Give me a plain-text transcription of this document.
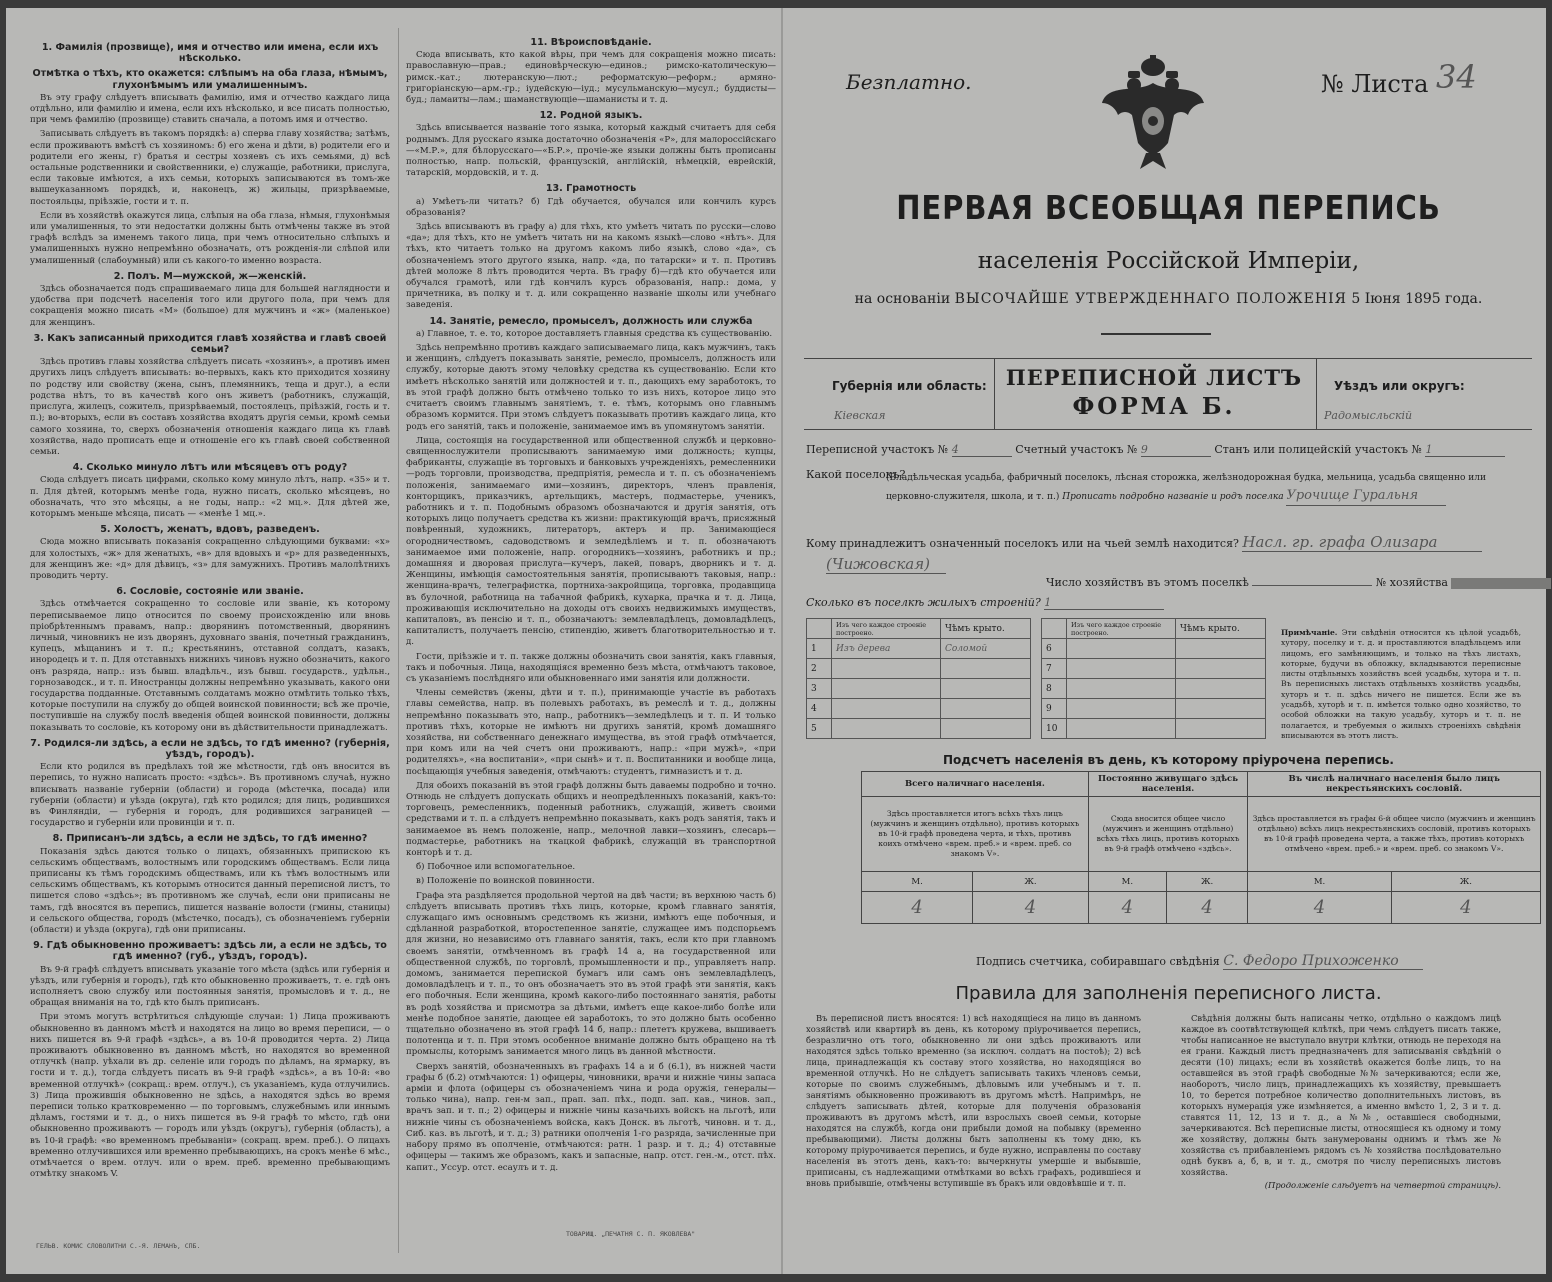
1. Фамилія (прозвище), имя и отчество или имена, если ихъ нѣсколько.
Отмѣтка о тѣхъ, кто окажется: слѣпымъ на оба глаза, нѣмымъ, глухонѣмымъ или умалишеннымъ.

Въ эту графу слѣдуетъ вписывать фамилію, имя и отчество каждаго лица отдѣльно, или фамилію и имена, если ихъ нѣсколько, и все писать полностью, при чемъ фамилію (прозвище) ставить сначала, а потомъ имя и отчество.

Записывать слѣдуетъ въ такомъ порядкѣ: а) сперва главу хозяйства; затѣмъ, если проживаютъ вмѣстѣ съ хозяиномъ: б) его жена и дѣти, в) родители его и родители его жены, г) братья и сестры хозяевъ съ ихъ семьями, д) всѣ остальные родственники и свойственники, е) служащіе, работники, прислуга, если таковые имѣются, а ихъ семьи, которыхъ записываются въ томъ-же вышеуказанномъ порядкѣ, и, наконецъ, ж) жильцы, призрѣваемые, постояльцы, пріѣзжіе, гости и т. п.

Если въ хозяйствѣ окажутся лица, слѣпыя на оба глаза, нѣмыя, глухонѣмыя или умалишенныя, то эти недостатки должны быть отмѣчены также въ этой графѣ вслѣдъ за именемъ такого лица, при чемъ относительно слѣпыхъ и умалишенныхъ нужно непремѣнно обозначать, отъ рожденія-ли слѣпой или умалишенный (слабоумный) или съ какого-то именно возраста.

2. Полъ. М—мужской, ж—женскій.

Здѣсь обозначается подъ спрашиваемаго лица для большей наглядности и удобства при подсчетѣ населенія того или другого пола, при чемъ для сокращенія можно писать «М» (большое) для мужчинъ и «ж» (маленькое) для женщинъ.

3. Какъ записанный приходится главѣ хозяйства и главѣ своей семьи?

Здѣсь противъ главы хозяйства слѣдуетъ писать «хозяинъ», а противъ имен другихъ лицъ слѣдуетъ вписывать: во-первыхъ, какъ кто приходится хозяину по родству или свойству (жена, сынъ, племянникъ, теща и друг.), а если родства нѣтъ, то въ качествѣ кого онъ живетъ (работникъ, служащій, прислуга, жилецъ, сожитель, призрѣваемый, постоялецъ, пріѣзжій, гость и т. п.); во-вторыхъ, если въ составъ хозяйства входятъ другія семьи, кромѣ семьи самого хозяина, то, сверхъ обозначенія отношенія каждаго лица къ главѣ хозяйства, надо прописать еще и отношеніе его къ главѣ своей собственной семьи.

4. Сколько минуло лѣтъ или мѣсяцевъ отъ роду?

Сюда слѣдуетъ писать цифрами, сколько кому минуло лѣтъ, напр. «35» и т. п. Для дѣтей, которымъ менѣе года, нужно писать, сколько мѣсяцевъ, но обозначать, что это мѣсяцы, а не годы, напр.: «2 мц.». Для дѣтей же, которымъ меньше мѣсяца, писать — «менѣе 1 мц.».

5. Холостъ, женатъ, вдовъ, разведенъ.

Сюда можно вписывать показанія сокращенно слѣдующими буквами: «х» для холостыхъ, «ж» для женатыхъ, «в» для вдовыхъ и «р» для разведенныхъ, для женщинъ же: «д» для дѣвицъ, «з» для замужнихъ. Противъ малолѣтнихъ проводить черту.

6. Сословіе, состояніе или званіе.

Здѣсь отмѣчается сокращенно то сословіе или званіе, къ которому переписываемое лицо относится по своему происхожденію или вновь пріобрѣтеннымъ правамъ, напр.: дворянинъ потомственный, дворянинъ личный, чиновникъ не изъ дворянъ, духовнаго званія, почетный гражданинъ, купецъ, мѣщанинъ и т. п.; крестьянинъ, отставной солдатъ, казакъ, инородецъ и т. п. Для отставныхъ нижнихъ чиновъ нужно обозначить, какого онъ разряда, напр.: изъ бывш. владѣльч., изъ бывш. государств., удѣльн., горнозаводск., и т. п. Иностранцы должны непремѣнно указывать, какого они государства подданные. Отставнымъ солдатамъ можно отмѣтить только тѣхъ, которые поступили на службу до общей воинской повинности; всѣ же прочіе, поступившіе на службу послѣ введенія общей воинской повинности, должны показывать то сословіе, къ которому они въ дѣйствительности принадлежатъ.

7. Родился-ли здѣсь, а если не здѣсь, то гдѣ именно? (губернія, уѣздъ, городъ).

Если кто родился въ предѣлахъ той же мѣстности, гдѣ онъ вносится въ перепись, то нужно написать просто: «здѣсь». Въ противномъ случаѣ, нужно вписывать названіе губерніи (области) и города (мѣстечка, посада) или губерніи (области) и уѣзда (округа), гдѣ кто родился; для лицъ, родившихся въ Финляндіи, — губернія и городъ, для родившихся заграницей — государство и губерніи или провинціи и т. п.

8. Приписанъ-ли здѣсь, а если не здѣсь, то гдѣ именно?

Показанія здѣсь даются только о лицахъ, обязанныхъ припискою къ сельскимъ обществамъ, волостнымъ или городскимъ обществамъ. Если лица приписаны къ тѣмъ городскимъ обществамъ, или къ тѣмъ волостнымъ или сельскимъ обществамъ, къ которымъ относится данный переписной листъ, то пишется слово «здѣсь»; въ противномъ же случаѣ, если они приписаны не тамъ, гдѣ вносятся въ перепись, пишется названіе волости (гмины, станицы) и сельского общества, городъ (мѣстечко, посадъ), съ обозначеніемъ губерніи (области) и уѣзда (округа), гдѣ они приписаны.

9. Гдѣ обыкновенно проживаетъ: здѣсь ли, а если не здѣсь, то гдѣ именно? (губ., уѣздъ, городъ).

Въ 9-й графѣ слѣдуетъ вписывать указаніе того мѣста (здѣсь или губернія и уѣздъ, или губернія и городъ), гдѣ кто обыкновенно проживаетъ, т. е. гдѣ онъ исполняетъ свою службу или постоянныя занятія, промысловъ и т. д., не обращая вниманія на то, гдѣ кто былъ приписанъ.

При этомъ могутъ встрѣтиться слѣдующіе случаи: 1) Лица проживаютъ обыкновенно въ данномъ мѣстѣ и находятся на лицо во время переписи, — о нихъ пишется въ 9-й графѣ «здѣсь», а въ 10-й проводится черта. 2) Лица проживаютъ обыкновенно въ данномъ мѣстѣ, но находятся во временной отлучкѣ (напр. уѣхали въ др. селеніе или городъ по дѣламъ, на ярмарку, въ гости и т. д.), тогда слѣдуетъ писать въ 9-й графѣ «здѣсь», а въ 10-й: «во временной отлучкѣ» (сокращ.: врем. отлуч.), съ указаніемъ, куда отлучились. 3) Лица прожившія обыкновенно не здѣсь, а находятся здѣсь во время переписи только кратковременно — по торговымъ, служебнымъ или иннымъ дѣламъ, гостями и т. д., о нихъ пишется въ 9-й графѣ то мѣсто, гдѣ они обыкновенно проживаютъ — городъ или уѣздъ (округъ), губернія (область), а въ 10-й графѣ: «во временномъ пребываніи» (сокращ. врем. преб.). О лицахъ временно отлучившихся или временно пребывающихъ, на срокъ менѣе 6 мѣс., отмѣчается о врем. отлуч. или о врем. преб. временно пребывающимъ отмѣтку знакомъ V.

11. Вѣроисповѣданіе.

Сюда вписывать, кто какой вѣры, при чемъ для сокращенія можно писать: православную—прав.; единовѣрческую—единов.; римско-католическую—римск.-кат.; лютеранскую—лют.; реформатскую—реформ.; армяно-григоріанскую—арм.-гр.; іудейскую—іуд.; мусульманскую—мусул.; буддисты—буд.; ламаиты—лам.; шаманствующіе—шаманисты и т. д.

12. Родной языкъ.

Здѣсь вписывается названіе того языка, который каждый считаетъ для себя роднымъ. Для русскаго языка достаточно обозначенія «Р», для малороссійскаго—«М.Р.», для бѣлорусскаго—«Б.Р.», прочіе-же языки должны быть прописаны полностью, напр. польскій, французскій, англійскій, нѣмецкій, еврейскій, татарскій, мордовскій, и т. д.

13. Грамотность

а) Умѣетъ-ли читать? б) Гдѣ обучается, обучался или кончилъ курсъ образованія?

Здѣсь вписываютъ въ графу а) для тѣхъ, кто умѣетъ читать по русски—слово «да»; для тѣхъ, кто не умѣетъ читать ни на какомъ языкѣ—слово «нѣтъ». Для тѣхъ, кто читаетъ только на другомъ какомъ либо языкѣ, слово «да», съ обозначеніемъ этого другого языка, напр. «да, по татарски» и т. п. Противъ дѣтей моложе 8 лѣтъ проводится черта. Въ графу б)—гдѣ кто обучается или обучался грамотѣ, или гдѣ кончилъ курсъ образованія, напр.: дома, у причетника, въ полку и т. д. или сокращенно названіе школы или учебнаго заведенія.

14. Занятіе, ремесло, промыселъ, должность или служба

а) Главное, т. е. то, которое доставляетъ главныя средства къ существованію.

Здѣсь непремѣнно противъ каждаго записываемаго лица, какъ мужчинъ, такъ и женщинъ, слѣдуетъ показывать занятіе, ремесло, промыселъ, должность или службу, которые даютъ этому человѣку средства къ существованію. Если кто имѣетъ нѣсколько занятій или должностей и т. п., дающихъ ему заработокъ, то въ этой графѣ должно быть отмѣчено только то изъ нихъ, которое лицо это считаетъ своимъ главнымъ занятіемъ, т. е. тѣмъ, которымъ оно главнымъ образомъ кормится. При этомъ слѣдуетъ показывать противъ каждаго лица, кто родъ его занятій, такъ и положеніе, занимаемое имъ въ упомянутомъ занятіи.

Лица, состоящія на государственной или общественной службѣ и церковно-священнослужители прописываютъ занимаемую ими должность; купцы, фабриканты, служащіе въ торговыхъ и банковыхъ учрежденіяхъ, ремесленники—родъ торговли, производства, предпріятія, ремесла и т. п. съ обозначеніемъ положенія, занимаемаго ими—хозяинъ, директоръ, членъ правленія, конторщикъ, приказчикъ, артельщикъ, мастеръ, подмастерье, ученикъ, работникъ и т. п. Подобнымъ образомъ обозначаются и другія занятія, отъ которыхъ лицо получаетъ средства къ жизни: практикующій врачъ, присяжный повѣренный, художникъ, литераторъ, актеръ и пр. Занимающіеся огородничествомъ, садоводствомъ и земледѣліемъ и т. п. обозначаютъ занимаемое ими положеніе, напр. огородникъ—хозяинъ, работникъ и пр.; домашняя и дворовая прислуга—кучеръ, лакей, поваръ, дворникъ и т. д. Женщины, имѣющія самостоятельныя занятія, прописываютъ таковыя, напр.: женщина-врачъ, телеграфистка, портниха-закройщица, торговка, продавщица въ булочной, работница на табачной фабрикѣ, кухарка, прачка и т. д. Лица, проживающія исключительно на доходы отъ своихъ недвижимыхъ имуществъ, капиталовъ, въ пенсію и т. п., обозначаютъ: землевладѣлецъ, домовладѣлецъ, капиталистъ, получаетъ пенсію, стипендію, живетъ благотворительностью и т. д.

Гости, пріѣзжіе и т. п. также должны обозначить свои занятія, какъ главныя, такъ и побочныя. Лица, находящіяся временно безъ мѣста, отмѣчаютъ таковое, съ указаніемъ послѣдняго или обыкновеннаго ими занятія или должности.

Члены семействъ (жены, дѣти и т. п.), принимающіе участіе въ работахъ главы семейства, напр. въ полевыхъ работахъ, въ ремеслѣ и т. д., должны непремѣнно показывать это, напр., работникъ—земледѣлецъ и т. п. И только противъ тѣхъ, которые не имѣютъ ни другихъ занятій, кромѣ домашняго хозяйства, ни собственнаго денежнаго имущества, въ этой графѣ отмѣчается, при комъ или на чей счетъ они проживаютъ, напр.: «при мужѣ», «при родителяхъ», «на воспитаніи», «при сынѣ» и т. п. Воспитанники и вообще лица, посѣщающія учебныя заведенія, отмѣчаютъ: студентъ, гимназистъ и т. д.

Для обоихъ показаній въ этой графѣ должны быть даваемы подробно и точно. Отнюдь не слѣдуетъ допускать общихъ и неопредѣленныхъ показаній, какъ-то: торговецъ, ремесленникъ, поденный работникъ, служащій, живетъ своими средствами и т. п. а слѣдуетъ непремѣнно показывать, какъ родъ занятія, такъ и занимаемое въ немъ положеніе, напр., мелочной лавки—хозяинъ, слесарь—подмастерье, работникъ на ткацкой фабрикѣ, служащій въ транспортной конторѣ и т. д.

б) Побочное или вспомогательное.

в) Положеніе по воинской повинности.

Графа эта раздѣляется продольной чертой на двѣ части; въ верхнюю часть б) слѣдуетъ вписывать противъ тѣхъ лицъ, которые, кромѣ главнаго занятія, служащаго имъ основнымъ средствомъ къ жизни, имѣютъ еще побочныя, и сдѣланной разработкой, второстепенное занятіе, служащее имъ подспорьемъ для жизни, но независимо отъ главнаго занятія, такъ, если кто при главномъ своемъ занятіи, отмѣченномъ въ графѣ 14 а, на государственной или общественной службѣ, по торговлѣ, промышленности и пр., управляетъ напр. домомъ, занимается перепиской бумагъ или самъ онъ землевладѣлецъ, домовладѣлецъ и т. п., то онъ обозначаетъ это въ этой графѣ эти занятія, какъ его побочныя. Если женщина, кромѣ какого-либо постояннаго занятія, работы въ родѣ хозяйства и присмотра за дѣтьми, имѣетъ еще какое-либо болѣе или менѣе подобное занятіе, дающее ей заработокъ, то это должно быть особенно тщательно обозначено въ этой графѣ 14 б, напр.: плететъ кружева, вышиваетъ полотенца и т. п. При этомъ особенное вниманіе должно быть обращено на тѣ промыслы, которымъ занимается много лицъ въ данной мѣстности.

Сверхъ занятій, обозначенныхъ въ графахъ 14 а и б (6.1), въ нижней части графы б (б.2) отмѣчаются: 1) офицеры, чиновники, врачи и нижніе чины запаса арміи и флота (офицеры съ обозначеніемъ чина и рода оружія, генералы—только чина), напр. ген-м зап., прап. зап. пѣх., подп. зап. кав., чинов. зап., врачъ зап. и т. п.; 2) офицеры и нижніе чины казачьихъ войскъ на льготѣ, или нижніе чины съ обозначеніемъ войска, какъ Донск. въ льготѣ, чиновн. и т. д., Сиб. каз. въ льготѣ, и т. д.; 3) ратники ополченія 1-го разряда, зачисленные при набору прямо въ ополченіе, отмѣчаются: ратн. 1 разр. и т. д.; 4) отставные офицеры — такимъ же образомъ, какъ и запасные, напр. отст. ген.-м., отст. пѣх. капит., Уссур. отст. есаулъ и т. д.

ГЕЛЬВ. КОМИС СЛОВОЛИТНИ С.-Я. ЛЕМАНЪ, СПБ.
ТОВАРИЩ. „ПЕЧАТНЯ С. П. ЯКОВЛЕВА"
Безплатно.	№ Листа 34
ПЕРВАЯ ВСЕОБЩАЯ ПЕРЕПИСЬ
населенія Россійской Имперіи,
на основаніи ВЫСОЧАЙШЕ УТВЕРЖДЕННАГО ПОЛОЖЕНІЯ 5 Іюня 1895 года.
Губернія или область:
Кіевская
ПЕРЕПИСНОЙ ЛИСТЪ
ФОРМА Б.
Уѣздъ или округъ:
Радомысльскій
Переписной участокъ № 4	Счетный участокъ № 9	Станъ или полицейскій участокъ № 1
Какой поселокъ?
(Владѣльческая усадьба, фабричный поселокъ, лѣсная сторожка, желѣзнодорожная будка, мельница, усадьба священно или церковно-служителя, школа, и т. п.) Прописать подробно названіе и родъ поселка Урочище Гуральня
Кому принадлежитъ означенный поселокъ или на чьей землѣ находится? Насл. гр. графа Олизара
(Чижовская)
Число хозяйствъ въ этомъ поселкѣ	№ хозяйства
Сколько въ поселкѣ жилыхъ строеній? 1
	Изъ чего каждое строеніе построено.	Чѣмъ крыто.
1	Изъ дерева	Соломой
2		
3		
4		
5		
	Изъ чего каждое строеніе построено.	Чѣмъ крыто.
6		
7		
8		
9		
10		
Примѣчаніе. Эти свѣдѣнія относятся къ цѣлой усадьбѣ, хутору, поселку и т. д. и проставляются владѣльцемъ или лицомъ, его замѣняющимъ, и только на тѣхъ листахъ, которые, будучи въ обложку, вкладываются переписные листы отдѣльныхъ хозяйствъ всей усадьбы, хутора и т. п. Въ переписныхъ листахъ отдѣльныхъ хозяйствъ усадьбы, хуторъ и т. п. здѣсь ничего не пишется. Если же въ усадьбѣ, хуторѣ и т. п. имѣется только одно хозяйство, то особой обложки на такую усадьбу, хуторъ и т. п. не полагается, и требуемыя о жилыхъ строеніяхъ свѣдѣнія вписываются въ этотъ листъ.
Подсчетъ населенія въ день, къ которому пріурочена перепись.
Всего наличнаго населенія.		Постоянно живущаго здѣсь населенія.		Въ числѣ наличнаго населенія было лицъ некрестьянскихъ сословій.	
Здѣсь проставляется итогъ всѣхъ тѣхъ лицъ (мужчинъ и женщинъ отдѣльно), противъ которыхъ въ 10-й графѣ проведена черта, и тѣхъ, противъ коихъ отмѣчено «врем. преб.» и «врем. преб. со знакомъ V».		Сюда вносится общее число (мужчинъ и женщинъ отдѣльно) всѣхъ тѣхъ лицъ, противъ которыхъ въ 9-й графѣ отмѣчено «здѣсь».		Здѣсь проставляется въ графы 6-й общее число (мужчинъ и женщинъ отдѣльно) всѣхъ лицъ некрестьянскихъ сословій, противъ которыхъ въ 10-й графѣ проведена черта, а также тѣхъ, противъ которыхъ отмѣчено «врем. преб.» и «врем. преб. со знакомъ V».	
М.	Ж.	М.	Ж.	М.	Ж.
4	4	4	4	4	4
Подпись счетчика, собиравшаго свѣдѣнія С. Федоро Прихоженко
Правила для заполненія переписного листа.

Въ переписной листъ вносятся: 1) всѣ находящіеся на лицо въ данномъ хозяйствѣ или квартирѣ въ день, къ которому пріурочивается перепись, безразлично отъ того, обыкновенно ли они здѣсь проживаютъ или находятся здѣсь только временно (за исключ. солдатъ на постоѣ); 2) всѣ лица, принадлежащія къ составу этого хозяйства, но находящіяся во временной отлучкѣ. Но не слѣдуетъ записывать такихъ членовъ семьи, которые по своимъ служебнымъ, дѣловымъ или учебнымъ и т. п. занятіямъ обыкновенно проживаютъ въ другомъ мѣстѣ. Напримѣръ, не слѣдуетъ записывать дѣтей, которые для полученія образованія проживаютъ въ другомъ мѣстѣ, или взрослыхъ своей семьи, которые находятся на службѣ, когда они прибыли домой на побывку (временно пребывающими). Листы должны быть заполнены къ тому дню, къ которому пріурочивается перепись, и буде нужно, исправлены по составу населенія въ этотъ день, какъ-то: вычеркнуты умершіе и выбывшіе, приписаны, съ надлежащими отмѣтками во всѣхъ графахъ, родившіеся и вновь прибывшіе, отмѣчены вступившіе въ бракъ или овдовѣвшіе и т. п.

Свѣдѣнія должны быть написаны четко, отдѣльно о каждомъ лицѣ каждое въ соотвѣтствующей клѣткѣ, при чемъ слѣдуетъ писать также, чтобы написанное не выступало внутри клѣтки, отнюдь не переходя на ея грани. Каждый листъ предназначенъ для записыванія свѣдѣній о десяти (10) лицахъ; если въ хозяйствѣ окажется болѣе лицъ, то на оставшейся въ этой графѣ свободные №№ зачеркиваются; если же, наоборотъ, число лицъ, принадлежащихъ къ хозяйству, превышаетъ 10, то берется потребное количество дополнительныхъ листовъ, въ которыхъ нумерація уже измѣняется, а именно вмѣсто 1, 2, 3 и т. д. ставятся 11, 12, 13 и т. д., а №№, оставшіеся свободными, зачеркиваются. Всѣ переписные листы, относящіеся къ одному и тому же хозяйству, должны быть занумерованы однимъ и тѣмъ же № хозяйства съ прибавленіемъ рядомъ съ № хозяйства послѣдовательно однѣ буквъ а, б, в, и т. д., смотря по числу переписныхъ листовъ хозяйства.

(Продолженіе слѣдуетъ на четвертой страницѣ).
